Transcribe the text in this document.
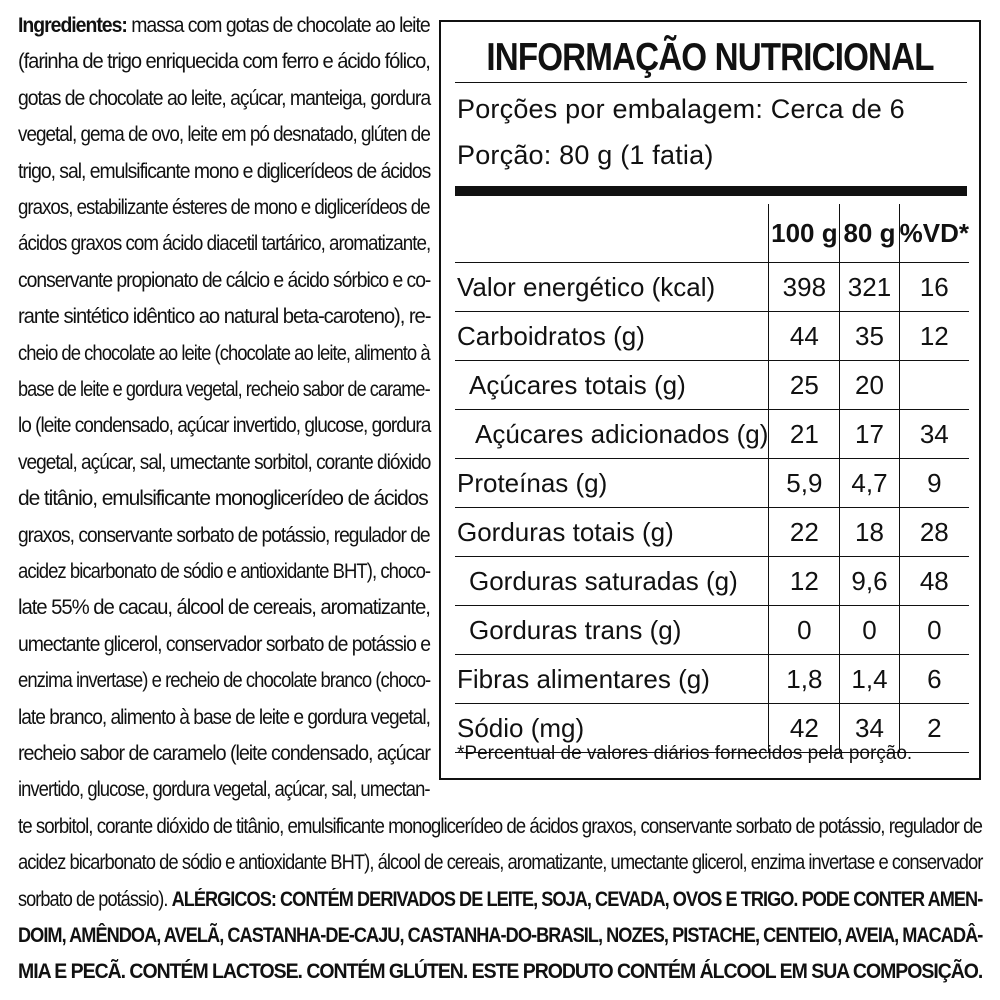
Ingredientes: massa com gotas de chocolate ao leite
(farinha de trigo enriquecida com ferro e ácido fólico,
gotas de chocolate ao leite, açúcar, manteiga, gordura
vegetal, gema de ovo, leite em pó desnatado, glúten de
trigo, sal, emulsificante mono e diglicerídeos de ácidos
graxos, estabilizante ésteres de mono e diglicerídeos de
ácidos graxos com ácido diacetil tartárico, aromatizante,
conservante propionato de cálcio e ácido sórbico e co-
rante sintético idêntico ao natural beta-caroteno), re-
cheio de chocolate ao leite (chocolate ao leite, alimento à
base de leite e gordura vegetal, recheio sabor de carame-
lo (leite condensado, açúcar invertido, glucose, gordura
vegetal, açúcar, sal, umectante sorbitol, corante dióxido
de titânio, emulsificante monoglicerídeo de ácidos
graxos, conservante sorbato de potássio, regulador de
acidez bicarbonato de sódio e antioxidante BHT), choco-
late 55% de cacau, álcool de cereais, aromatizante,
umectante glicerol, conservador sorbato de potássio e
enzima invertase) e recheio de chocolate branco (choco-
late branco, alimento à base de leite e gordura vegetal,
recheio sabor de caramelo (leite condensado, açúcar
invertido, glucose, gordura vegetal, açúcar, sal, umectan-
te sorbitol, corante dióxido de titânio, emulsificante monoglicerídeo de ácidos graxos, conservante sorbato de potássio, regulador de
acidez bicarbonato de sódio e antioxidante BHT), álcool de cereais, aromatizante, umectante glicerol, enzima invertase e conservador
sorbato de potássio). ALÉRGICOS: CONTÉM DERIVADOS DE LEITE, SOJA, CEVADA, OVOS E TRIGO. PODE CONTER AMEN-
DOIM, AMÊNDOA, AVELÃ, CASTANHA-DE-CAJU, CASTANHA-DO-BRASIL, NOZES, PISTACHE, CENTEIO, AVEIA, MACADÂ-
MIA E PECÃ. CONTÉM LACTOSE. CONTÉM GLÚTEN. ESTE PRODUTO CONTÉM ÁLCOOL EM SUA COMPOSIÇÃO.
INFORMAÇÃO NUTRICIONAL
Porções por embalagem: Cerca de 6
Porção: 80 g (1 fatia)
	100 g	80 g	%VD*
Valor energético (kcal)	398	321	16
Carboidratos (g)	44	35	12
Açúcares totais (g)	25	20	
Açúcares adicionados (g)	21	17	34
Proteínas (g)	5,9	4,7	9
Gorduras totais (g)	22	18	28
Gorduras saturadas (g)	12	9,6	48
Gorduras trans (g)	0	0	0
Fibras alimentares (g)	1,8	1,4	6
Sódio (mg)	42	34	2
*Percentual de valores diários fornecidos pela porção.
